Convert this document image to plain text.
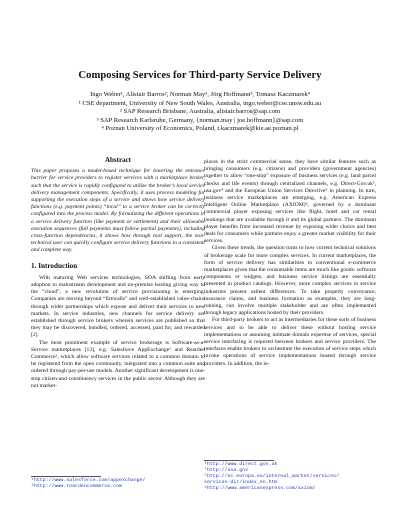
Composing Services for Third-party Service Delivery
Ingo Weber¹, Alistair Barros², Norman May³, Jörg Hoffmann³, Tomasz Kaczmarek⁴
¹ CSE department, University of New South Wales, Australia, ingo.weber@cse.unsw.edu.au
² SAP Research Brisbane, Australia, alistair.barros@sap.com
³ SAP Research Karlsruhe, Germany, {norman.may | joe.hoffmann}@sap.com
⁴ Poznan University of Economics, Poland, t.kaczmarek@kie.ae.poznan.pl
Abstract
This paper proposes a model-based technique for lowering the entrance barrier for service providers to register services with a marketplace broker, such that the service is rapidly configured to utilize the broker’s local service delivery management components. Specifically, it uses process modeling for supporting the execution steps of a service and shows how service delivery functions (e.g. payment points) “local” to a service broker can be correctly configured into the process model. By formalizing the different operations in a service delivery function (like payment or settlement) and their allowable execution sequences (full payments must follow partial payments), including cross-function dependencies, it shows how through tool support, the non-technical user can quickly configure service delivery functions in a consistent and complete way.
1. Introduction
With maturing Web services technologies, SOA shifting from early adoption to mainstream development and on-premise hosting giving way to the “cloud”, a new revolution of service provisioning is emerging. Companies are moving beyond “firewalls” and well-established value-chains through wider partnerships which expose and deliver their services to new markets. In service industries, new channels for service delivery are established through service brokers wherein services are published so that they may be discovered, bundled, ordered, accessed, paid for, and rewarded [2].
The most prominent example of service brokerage is Software-as-a-Service marketplaces [13], e.g. Salesforce AppExchange¹ and Rearden Commerce², which allow software services related to a common domain to be registered from the open community, integrated into a common suite and ordered through pay-per-use models. Another significant development is one-stop citizen-and constituency services in the public sector. Although they are not market-
places in the strict commercial sense, they have similar features such as bringing consumers (e.g. citizens) and providers (government agencies) together to allow “one-stop” exposure of business services (e.g. land parcel checks and life events) through centralized channels, e.g. Direct-Gov.uk³, usa.gov⁴ and the European Union Services Directive⁵ in planning. In turn, business service marketplaces are emerging, e.g. American Express Intelligent Online Marketplace (AXIOM)⁶, governed by a dominant commercial player exposing services like flight, hotel and car rental bookings that are available through it and its global partners. The dominant player benefits from increased revenue by exposing wider choice and best deals for consumers while partners enjoy a greater market visibility for their services.
Given these trends, the question turns to how current technical solutions of brokerage scale for more complex services. In current marketplaces, the form of service delivery has similarities to conventional e-commerce marketplaces given that the consumable items are much like goods: software components or widgets, and business service listings are essentially presented in product catalogs. However, more complex services in service industries present salient differences. To take property conveyance, insurance claims, and business formation as examples, they are long-running, can involve multiple stakeholder and are often implemented through legacy applications hosted by their providers.
For third-party brokers to act as intermediaries for these sorts of business services and to be able to deliver these without hosting service implementations or assuming intimate domain expertise of services, special service interfacing is required between brokers and service providers. The interfaces enable brokers to orchestrate the execution of service steps which invoke operations of service implementations hosted through service providers. In addition, the in-
¹http://www.salesforce.com/appexchange/
²http://www.reardencommerce.com
³http://www.direct.gov.uk
⁴http://usa.gov
⁵http://ec.europa.eu/internal_market/services/
services-dir/index_en.htm
⁶http://www.americanexpress.com/axiom/
